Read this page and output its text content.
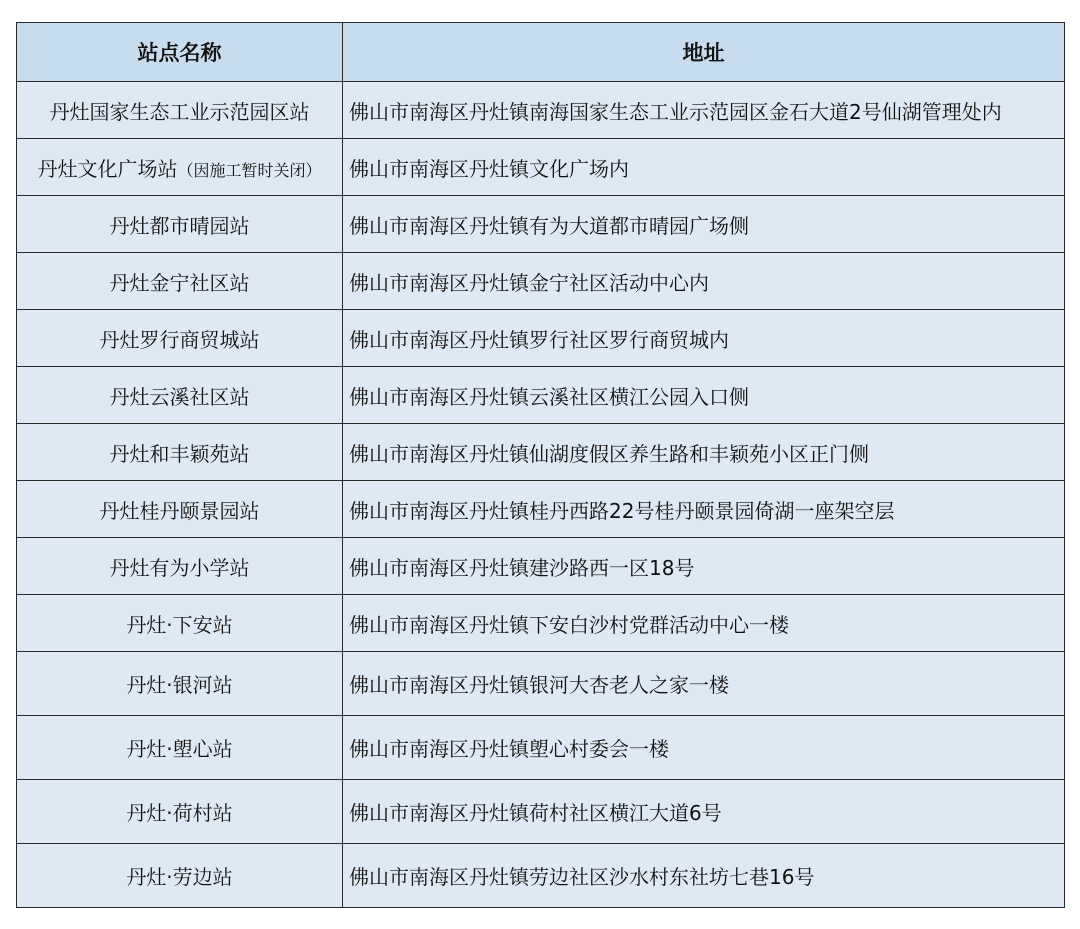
站点名称	地址
丹灶国家生态工业示范园区站	佛山市南海区丹灶镇南海国家生态工业示范园区金石大道2号仙湖管理处内
丹灶文化广场站（因施工暂时关闭）	佛山市南海区丹灶镇文化广场内
丹灶都市晴园站	佛山市南海区丹灶镇有为大道都市晴园广场侧
丹灶金宁社区站	佛山市南海区丹灶镇金宁社区活动中心内
丹灶罗行商贸城站	佛山市南海区丹灶镇罗行社区罗行商贸城内
丹灶云溪社区站	佛山市南海区丹灶镇云溪社区横江公园入口侧
丹灶和丰颖苑站	佛山市南海区丹灶镇仙湖度假区养生路和丰颖苑小区正门侧
丹灶桂丹颐景园站	佛山市南海区丹灶镇桂丹西路22号桂丹颐景园倚湖一座架空层
丹灶有为小学站	佛山市南海区丹灶镇建沙路西一区18号
丹灶·下安站	佛山市南海区丹灶镇下安白沙村党群活动中心一楼
丹灶·银河站	佛山市南海区丹灶镇银河大杏老人之家一楼
丹灶·塱心站	佛山市南海区丹灶镇塱心村委会一楼
丹灶·荷村站	佛山市南海区丹灶镇荷村社区横江大道6号
丹灶·劳边站	佛山市南海区丹灶镇劳边社区沙水村东社坊七巷16号
